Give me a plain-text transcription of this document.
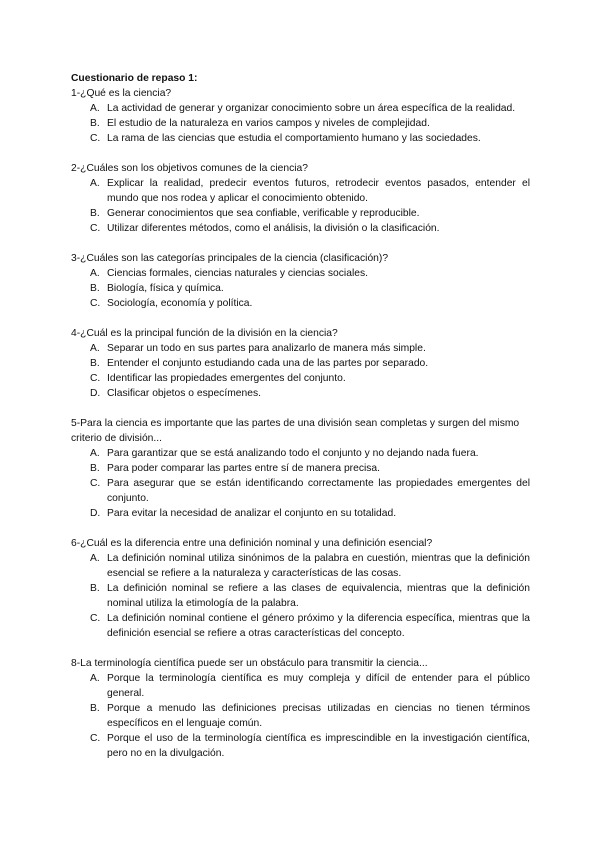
Cuestionario de repaso 1:

1-¿Qué es la ciencia?

A. La actividad de generar y organizar conocimiento sobre un área específica de la realidad.
B. El estudio de la naturaleza en varios campos y niveles de complejidad.
C. La rama de las ciencias que estudia el comportamiento humano y las sociedades.

2-¿Cuáles son los objetivos comunes de la ciencia?

A. Explicar la realidad, predecir eventos futuros, retrodecir eventos pasados, entender el mundo que nos rodea y aplicar el conocimiento obtenido.
B. Generar conocimientos que sea confiable, verificable y reproducible.
C. Utilizar diferentes métodos, como el análisis, la división o la clasificación.

3-¿Cuáles son las categorías principales de la ciencia (clasificación)?

A. Ciencias formales, ciencias naturales y ciencias sociales.
B. Biología, física y química.
C. Sociología, economía y política.

4-¿Cuál es la principal función de la división en la ciencia?

A. Separar un todo en sus partes para analizarlo de manera más simple.
B. Entender el conjunto estudiando cada una de las partes por separado.
C. Identificar las propiedades emergentes del conjunto.
D. Clasificar objetos o especímenes.

5-Para la ciencia es importante que las partes de una división sean completas y surgen del mismo criterio de división...

A. Para garantizar que se está analizando todo el conjunto y no dejando nada fuera.
B. Para poder comparar las partes entre sí de manera precisa.
C. Para asegurar que se están identificando correctamente las propiedades emergentes del conjunto.
D. Para evitar la necesidad de analizar el conjunto en su totalidad.

6-¿Cuál es la diferencia entre una definición nominal y una definición esencial?

A. La definición nominal utiliza sinónimos de la palabra en cuestión, mientras que la definición esencial se refiere a la naturaleza y características de las cosas.
B. La definición nominal se refiere a las clases de equivalencia, mientras que la definición nominal utiliza la etimología de la palabra.
C. La definición nominal contiene el género próximo y la diferencia específica, mientras que la definición esencial se refiere a otras características del concepto.

8-La terminología científica puede ser un obstáculo para transmitir la ciencia...

A. Porque la terminología científica es muy compleja y difícil de entender para el público general.
B. Porque a menudo las definiciones precisas utilizadas en ciencias no tienen términos específicos en el lenguaje común.
C. Porque el uso de la terminología científica es imprescindible en la investigación científica, pero no en la divulgación.
